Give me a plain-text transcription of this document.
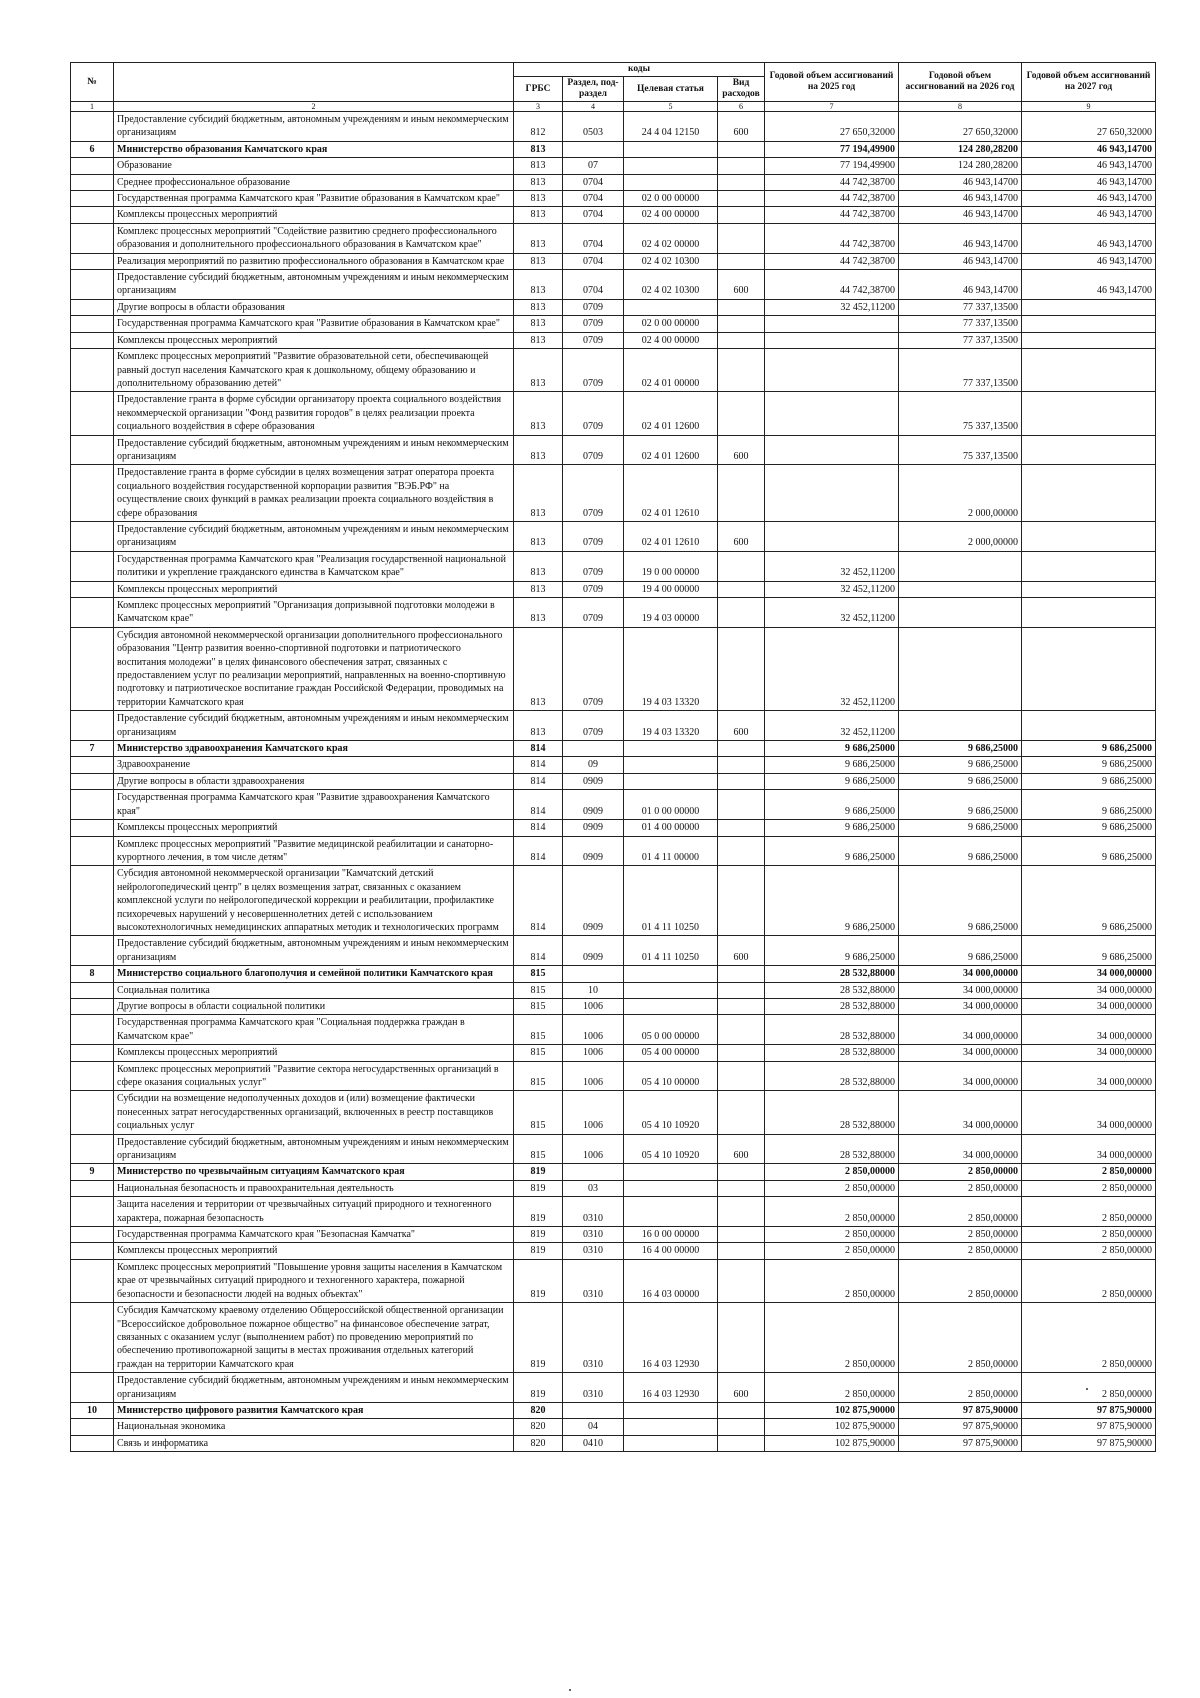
№		коды				Годовой объем ассигнований на 2025 год	Годовой объем ассигнований на 2026 год	Годовой объем ассигнований на 2027 год
		ГРБС	Раздел, под-раздел	Целевая статья	Вид расходов			
1	2	3	4	5	6	7	8	9
	Предоставление субсидий бюджетным, автономным учреждениям и иным некоммерческим организациям	812	0503	24 4 04 12150	600	27 650,32000	27 650,32000	27 650,32000
6	Министерство образования Камчатского края	813				77 194,49900	124 280,28200	46 943,14700
	Образование	813	07			77 194,49900	124 280,28200	46 943,14700
	Среднее профессиональное образование	813	0704			44 742,38700	46 943,14700	46 943,14700
	Государственная программа Камчатского края "Развитие образования в Камчатском крае"	813	0704	02 0 00 00000		44 742,38700	46 943,14700	46 943,14700
	Комплексы процессных мероприятий	813	0704	02 4 00 00000		44 742,38700	46 943,14700	46 943,14700
	Комплекс процессных мероприятий "Содействие развитию среднего профессионального образования и дополнительного профессионального образования в Камчатском крае"	813	0704	02 4 02 00000		44 742,38700	46 943,14700	46 943,14700
	Реализация мероприятий по развитию профессионального образования в Камчатском крае	813	0704	02 4 02 10300		44 742,38700	46 943,14700	46 943,14700
	Предоставление субсидий бюджетным, автономным учреждениям и иным некоммерческим организациям	813	0704	02 4 02 10300	600	44 742,38700	46 943,14700	46 943,14700
	Другие вопросы в области образования	813	0709			32 452,11200	77 337,13500	
	Государственная программа Камчатского края "Развитие образования в Камчатском крае"	813	0709	02 0 00 00000			77 337,13500	
	Комплексы процессных мероприятий	813	0709	02 4 00 00000			77 337,13500	
	Комплекс процессных мероприятий "Развитие образовательной сети, обеспечивающей равный доступ населения Камчатского края к дошкольному, общему образованию и дополнительному образованию детей"	813	0709	02 4 01 00000			77 337,13500	
	Предоставление гранта в форме субсидии организатору проекта социального воздействия некоммерческой организации "Фонд развития городов" в целях реализации проекта социального воздействия в сфере образования	813	0709	02 4 01 12600			75 337,13500	
	Предоставление субсидий бюджетным, автономным учреждениям и иным некоммерческим организациям	813	0709	02 4 01 12600	600		75 337,13500	
	Предоставление гранта в форме субсидии в целях возмещения затрат оператора проекта социального воздействия государственной корпорации развития "ВЭБ.РФ" на осуществление своих функций в рамках реализации проекта социального воздействия в сфере образования	813	0709	02 4 01 12610			2 000,00000	
	Предоставление субсидий бюджетным, автономным учреждениям и иным некоммерческим организациям	813	0709	02 4 01 12610	600		2 000,00000	
	Государственная программа Камчатского края "Реализация государственной национальной политики и укрепление гражданского единства в Камчатском крае"	813	0709	19 0 00 00000		32 452,11200		
	Комплексы процессных мероприятий	813	0709	19 4 00 00000		32 452,11200		
	Комплекс процессных мероприятий "Организация допризывной подготовки молодежи в Камчатском крае"	813	0709	19 4 03 00000		32 452,11200		
	Субсидия автономной некоммерческой организации дополнительного профессионального образования "Центр развития военно-спортивной подготовки и патриотического воспитания молодежи" в целях финансового обеспечения затрат, связанных с предоставлением услуг по реализации мероприятий, направленных на военно-спортивную подготовку и патриотическое воспитание граждан Российской Федерации, проводимых на территории Камчатского края	813	0709	19 4 03 13320		32 452,11200		
	Предоставление субсидий бюджетным, автономным учреждениям и иным некоммерческим организациям	813	0709	19 4 03 13320	600	32 452,11200		
7	Министерство здравоохранения Камчатского края	814				9 686,25000	9 686,25000	9 686,25000
	Здравоохранение	814	09			9 686,25000	9 686,25000	9 686,25000
	Другие вопросы в области здравоохранения	814	0909			9 686,25000	9 686,25000	9 686,25000
	Государственная программа Камчатского края "Развитие здравоохранения Камчатского края"	814	0909	01 0 00 00000		9 686,25000	9 686,25000	9 686,25000
	Комплексы процессных мероприятий	814	0909	01 4 00 00000		9 686,25000	9 686,25000	9 686,25000
	Комплекс процессных мероприятий "Развитие медицинской реабилитации и санаторно-курортного лечения, в том числе детям"	814	0909	01 4 11 00000		9 686,25000	9 686,25000	9 686,25000
	Субсидия автономной некоммерческой организации "Камчатский детский нейрологопедический центр" в целях возмещения затрат, связанных с оказанием комплексной услуги по нейрологопедической коррекции и реабилитации, профилактике психоречевых нарушений у несовершеннолетних детей с использованием высокотехнологичных немедицинских аппаратных методик и технологических программ	814	0909	01 4 11 10250		9 686,25000	9 686,25000	9 686,25000
	Предоставление субсидий бюджетным, автономным учреждениям и иным некоммерческим организациям	814	0909	01 4 11 10250	600	9 686,25000	9 686,25000	9 686,25000
8	Министерство социального благополучия и семейной политики Камчатского края	815				28 532,88000	34 000,00000	34 000,00000
	Социальная политика	815	10			28 532,88000	34 000,00000	34 000,00000
	Другие вопросы в области социальной политики	815	1006			28 532,88000	34 000,00000	34 000,00000
	Государственная программа Камчатского края "Социальная поддержка граждан в Камчатском крае"	815	1006	05 0 00 00000		28 532,88000	34 000,00000	34 000,00000
	Комплексы процессных мероприятий	815	1006	05 4 00 00000		28 532,88000	34 000,00000	34 000,00000
	Комплекс процессных мероприятий "Развитие сектора негосударственных организаций в сфере оказания социальных услуг"	815	1006	05 4 10 00000		28 532,88000	34 000,00000	34 000,00000
	Субсидии на возмещение недополученных доходов и (или) возмещение фактически понесенных затрат негосударственных организаций, включенных в реестр поставщиков социальных услуг	815	1006	05 4 10 10920		28 532,88000	34 000,00000	34 000,00000
	Предоставление субсидий бюджетным, автономным учреждениям и иным некоммерческим организациям	815	1006	05 4 10 10920	600	28 532,88000	34 000,00000	34 000,00000
9	Министерство по чрезвычайным ситуациям Камчатского края	819				2 850,00000	2 850,00000	2 850,00000
	Национальная безопасность и правоохранительная деятельность	819	03			2 850,00000	2 850,00000	2 850,00000
	Защита населения и территории от чрезвычайных ситуаций природного и техногенного характера, пожарная безопасность	819	0310			2 850,00000	2 850,00000	2 850,00000
	Государственная программа Камчатского края "Безопасная Камчатка"	819	0310	16 0 00 00000		2 850,00000	2 850,00000	2 850,00000
	Комплексы процессных мероприятий	819	0310	16 4 00 00000		2 850,00000	2 850,00000	2 850,00000
	Комплекс процессных мероприятий "Повышение уровня защиты населения в Камчатском крае от чрезвычайных ситуаций природного и техногенного характера, пожарной безопасности и безопасности людей на водных объектах"	819	0310	16 4 03 00000		2 850,00000	2 850,00000	2 850,00000
	Субсидия Камчатскому краевому отделению Общероссийской общественной организации "Всероссийское добровольное пожарное общество" на финансовое обеспечение затрат, связанных с оказанием услуг (выполнением работ) по проведению мероприятий по обеспечению противопожарной защиты в местах проживания отдельных категорий граждан на территории Камчатского края	819	0310	16 4 03 12930		2 850,00000	2 850,00000	2 850,00000
	Предоставление субсидий бюджетным, автономным учреждениям и иным некоммерческим организациям	819	0310	16 4 03 12930	600	2 850,00000	2 850,00000	2 850,00000
10	Министерство цифрового развития Камчатского края	820				102 875,90000	97 875,90000	97 875,90000
	Национальная экономика	820	04			102 875,90000	97 875,90000	97 875,90000
	Связь и информатика	820	0410			102 875,90000	97 875,90000	97 875,90000
